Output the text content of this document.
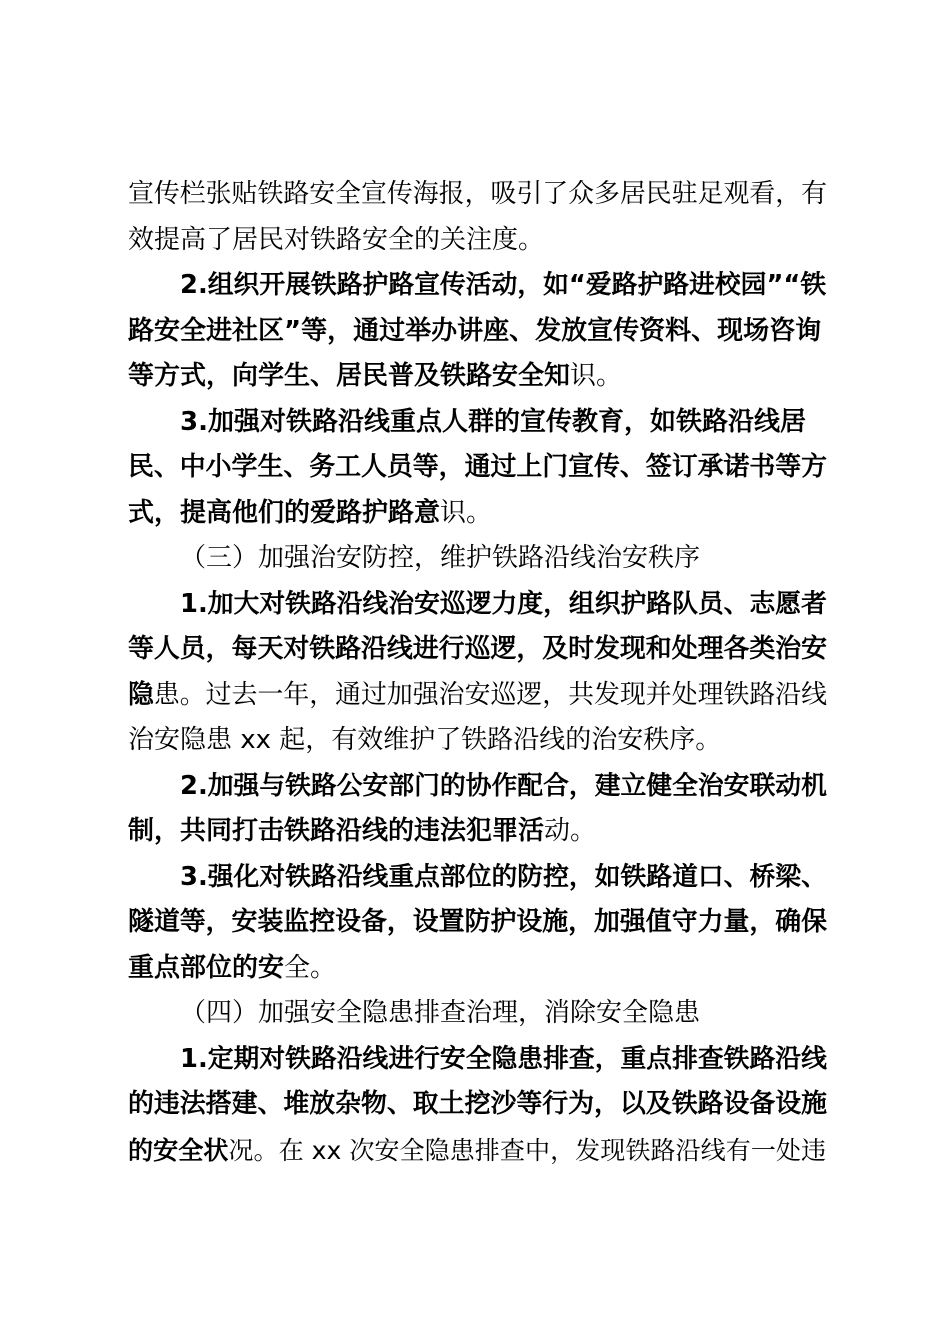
宣传栏张贴铁路安全宣传海报，吸引了众多居民驻足观看，有
效提高了居民对铁路安全的关注度。
2.组织开展铁路护路宣传活动，如“爱路护路进校园”“铁
路安全进社区”等，通过举办讲座、发放宣传资料、现场咨询
等方式，向学生、居民普及铁路安全知识。
3.加强对铁路沿线重点人群的宣传教育，如铁路沿线居
民、中小学生、务工人员等，通过上门宣传、签订承诺书等方
式，提高他们的爱路护路意识。
（三）加强治安防控，维护铁路沿线治安秩序
1.加大对铁路沿线治安巡逻力度，组织护路队员、志愿者
等人员，每天对铁路沿线进行巡逻，及时发现和处理各类治安
隐患。过去一年，通过加强治安巡逻，共发现并处理铁路沿线
治安隐患 xx 起，有效维护了铁路沿线的治安秩序。
2.加强与铁路公安部门的协作配合，建立健全治安联动机
制，共同打击铁路沿线的违法犯罪活动。
3.强化对铁路沿线重点部位的防控，如铁路道口、桥梁、
隧道等，安装监控设备，设置防护设施，加强值守力量，确保
重点部位的安全。
（四）加强安全隐患排查治理，消除安全隐患
1.定期对铁路沿线进行安全隐患排查，重点排查铁路沿线
的违法搭建、堆放杂物、取土挖沙等行为，以及铁路设备设施
的安全状况。在 xx 次安全隐患排查中，发现铁路沿线有一处违
